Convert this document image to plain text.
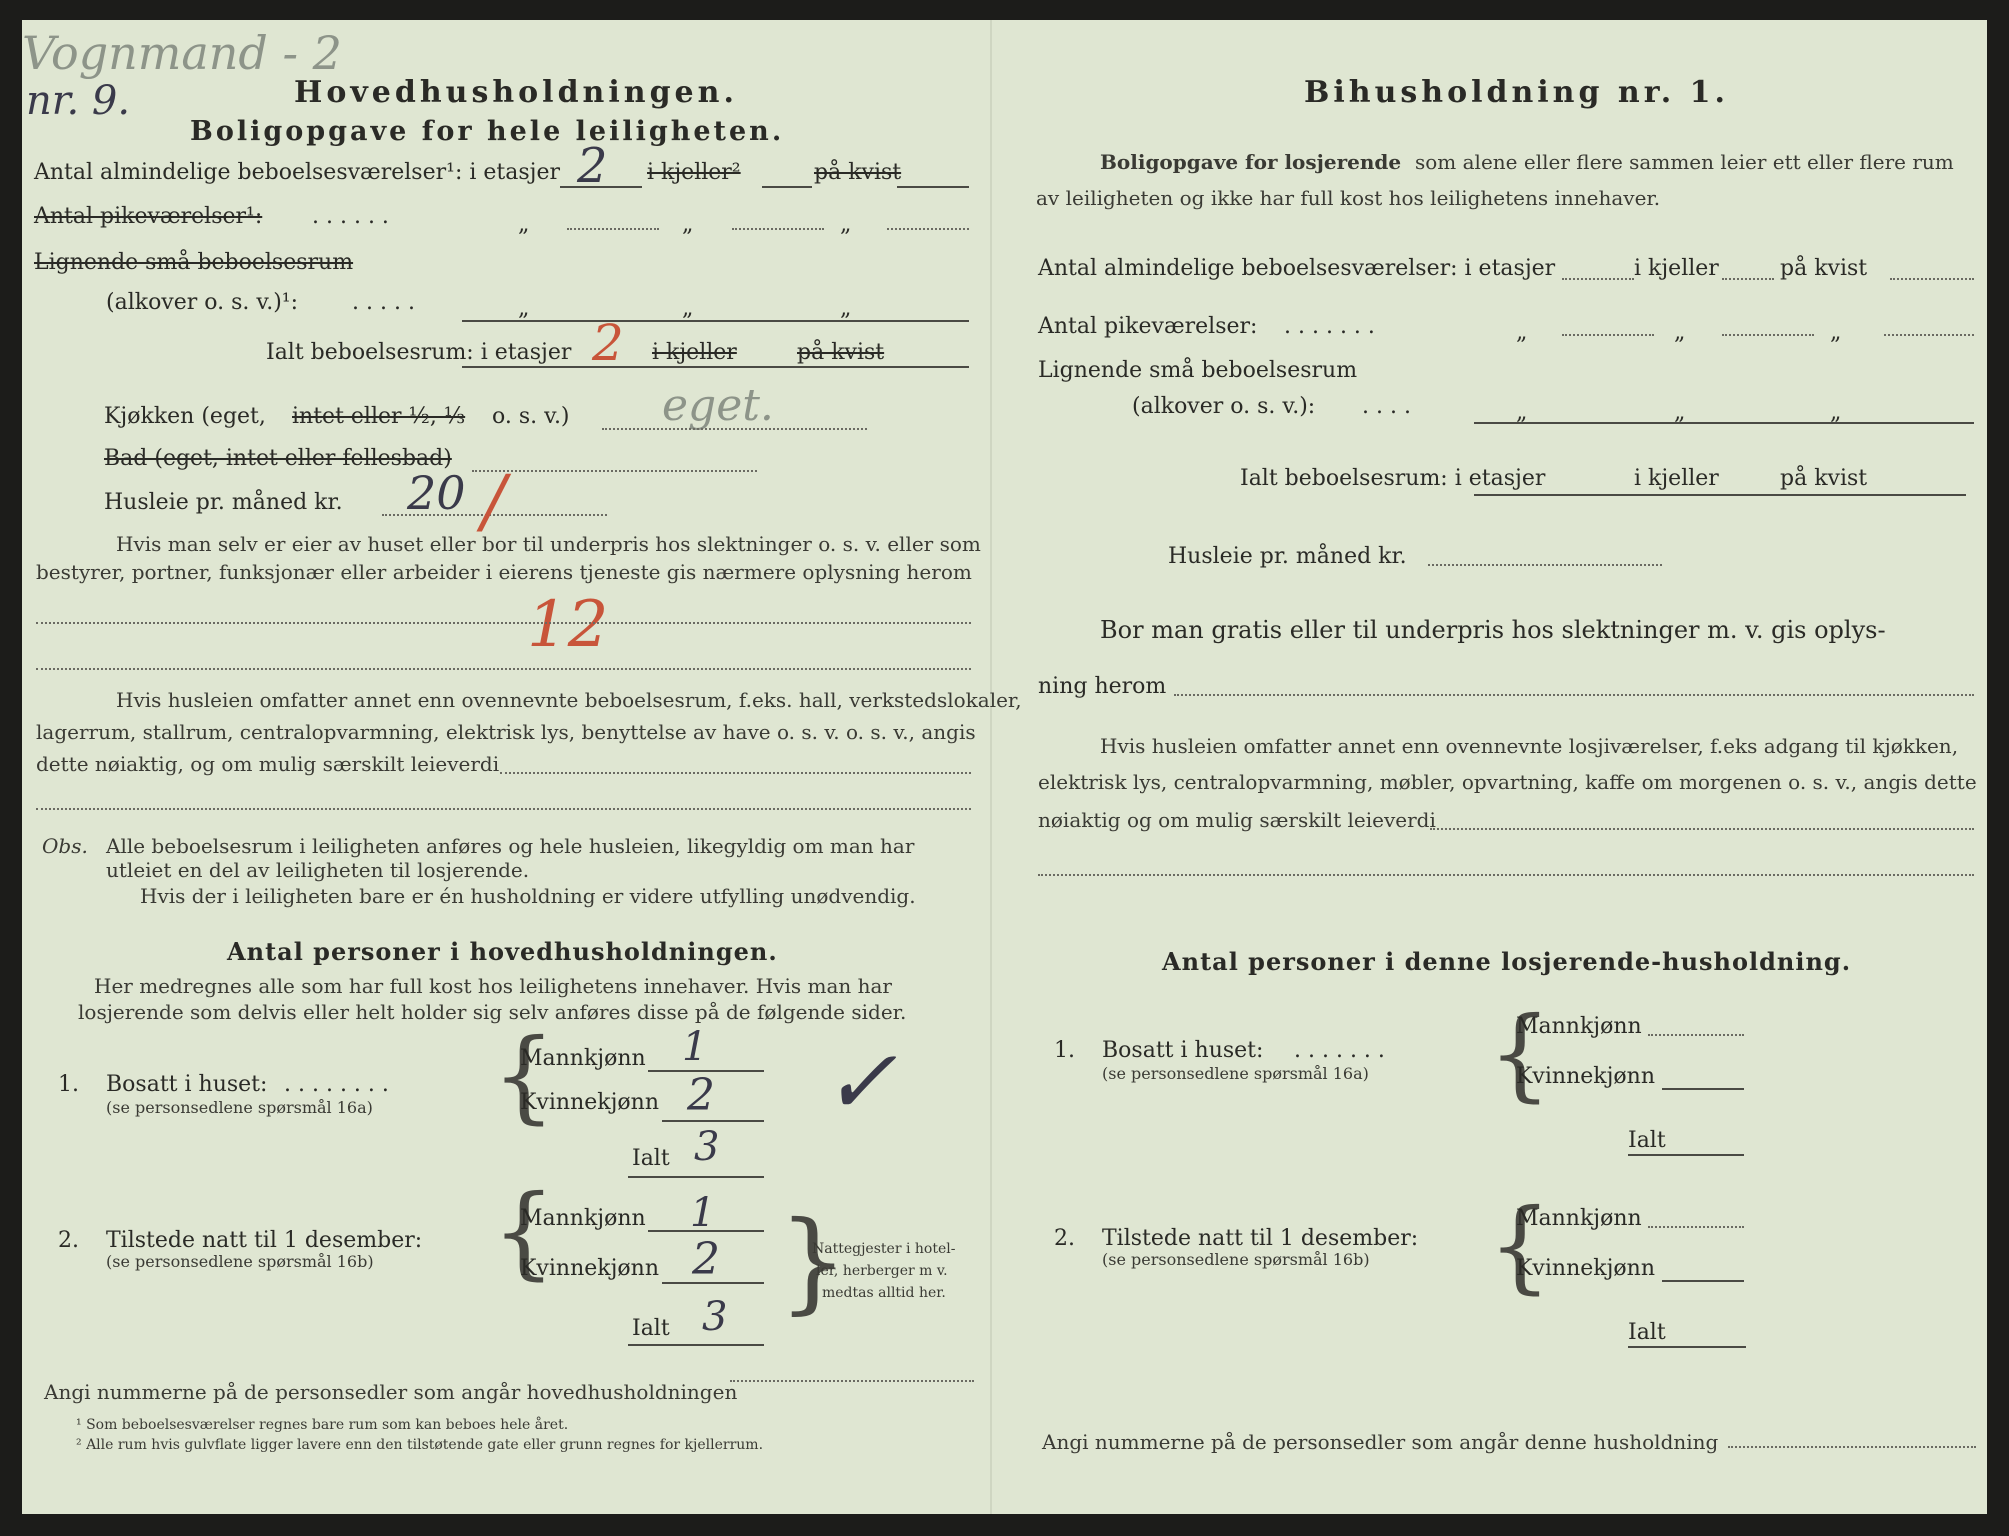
Vognmand - 2
nr. 9.	Hovedhusholdningen.
Boligopgave for hele leiligheten.
Antal almindelige beboelsesværelser¹: i etasjer 2 i kjeller²	på kvist
Antal pikeværelser¹: . . . . . .	„	„	„
Lignende små beboelsesrum
(alkover o. s. v.)¹: . . . . .	„	„	„
Ialt beboelsesrum: i etasjer 2 i kjeller	på kvist
Kjøkken (eget, intet eller ½, ⅓ o. s. v.) eget.
Bad (eget, intet eller fellesbad)
Husleie pr. måned kr. 20 /
Hvis man selv er eier av huset eller bor til underpris hos slektninger o. s. v. eller som
bestyrer, portner, funksjonær eller arbeider i eierens tjeneste gis nærmere oplysning herom
12
Hvis husleien omfatter annet enn ovennevnte beboelsesrum, f.eks. hall, verkstedslokaler,
lagerrum, stallrum, centralopvarmning, elektrisk lys, benyttelse av have o. s. v. o. s. v., angis
dette nøiaktig, og om mulig særskilt leieverdi
Obs. Alle beboelsesrum i leiligheten anføres og hele husleien, likegyldig om man har
utleiet en del av leiligheten til losjerende.
Hvis der i leiligheten bare er én husholdning er videre utfylling unødvendig.
Antal personer i hovedhusholdningen.
Her medregnes alle som har full kost hos leilighetens innehaver. Hvis man har
losjerende som delvis eller helt holder sig selv anføres disse på de følgende sider.
1. Bosatt i huset: . . . . . . . .
(se personsedlene spørsmål 16a) {
Mannkjønn 1
Kvinnekjønn 2
Ialt 3
✓
2. Tilstede natt til 1 desember:
(se personsedlene spørsmål 16b) {
Mannkjønn 1
Kvinnekjønn 2
Ialt 3 }
Nattegjester i hotel-
ler, herberger m v.
medtas alltid her.
Angi nummerne på de personsedler som angår hovedhusholdningen
¹ Som beboelsesværelser regnes bare rum som kan beboes hele året.
² Alle rum hvis gulvflate ligger lavere enn den tilstøtende gate eller grunn regnes for kjellerrum.
Bihusholdning nr. 1.
Boligopgave for losjerende som alene eller flere sammen leier ett eller flere rum
av leiligheten og ikke har full kost hos leilighetens innehaver.
Antal almindelige beboelsesværelser: i etasjer	i kjeller	på kvist
Antal pikeværelser: . . . . . . .	„	„	„
Lignende små beboelsesrum
(alkover o. s. v.): . . . .	„	„	„
Ialt beboelsesrum: i etasjer	i kjeller	på kvist
Husleie pr. måned kr.
Bor man gratis eller til underpris hos slektninger m. v. gis oplys-
ning herom
Hvis husleien omfatter annet enn ovennevnte losjiværelser, f.eks adgang til kjøkken,
elektrisk lys, centralopvarmning, møbler, opvartning, kaffe om morgenen o. s. v., angis dette
nøiaktig og om mulig særskilt leieverdi
Antal personer i denne losjerende-husholdning.
1. Bosatt i huset: . . . . . . .
(se personsedlene spørsmål 16a) {
Mannkjønn
Kvinnekjønn
Ialt
2. Tilstede natt til 1 desember:
(se personsedlene spørsmål 16b) {
Mannkjønn
Kvinnekjønn
Ialt
Angi nummerne på de personsedler som angår denne husholdning
